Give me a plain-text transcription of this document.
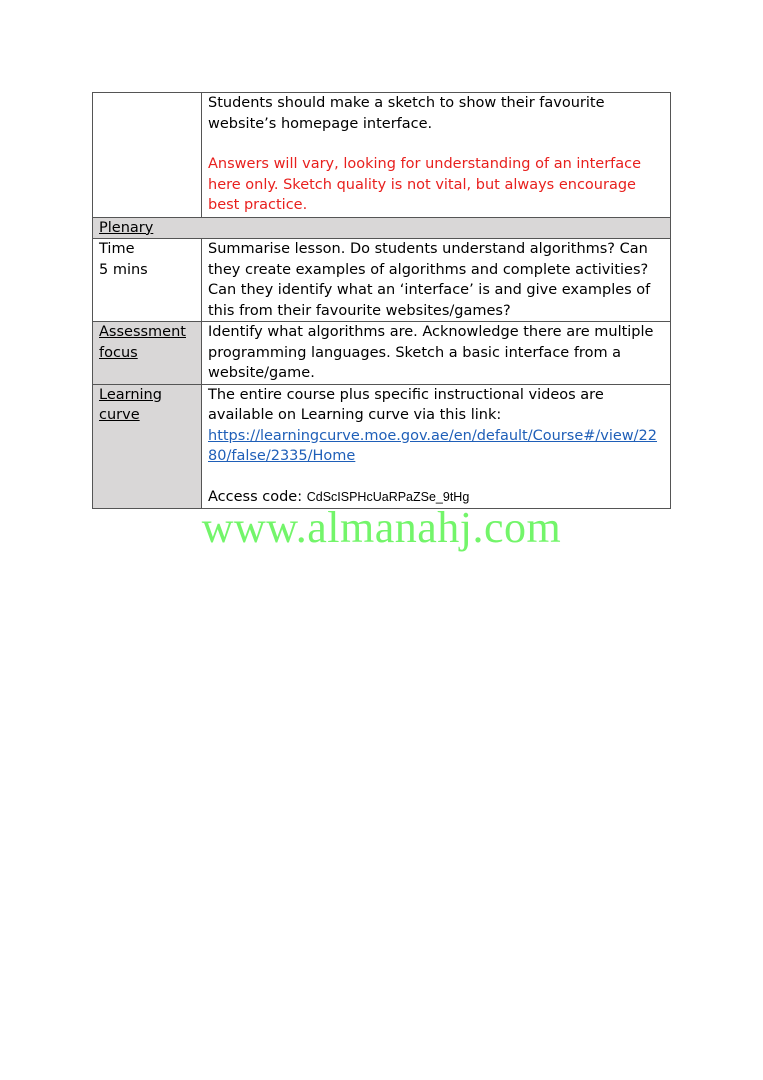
	Students should make a sketch to show their favourite website’s homepage interface.

Answers will vary, looking for understanding of an interface here only. Sketch quality is not vital, but always encourage best practice.

Plenary	

Time

5 mins	Summarise lesson. Do students understand algorithms? Can they create examples of algorithms and complete activities? Can they identify what an ‘interface’ is and give examples of this from their favourite websites/games?

Assessment focus	Identify what algorithms are. Acknowledge there are multiple programming languages. Sketch a basic interface from a website/game.

Learning curve	The entire course plus specific instructional videos are available on Learning curve via this link:

https://learningcurve.moe.gov.ae/en/default/Course#/view/2280/false/2335/Home

Access code: CdScISPHcUaRPaZSe_9tHg

www.almanahj.com
